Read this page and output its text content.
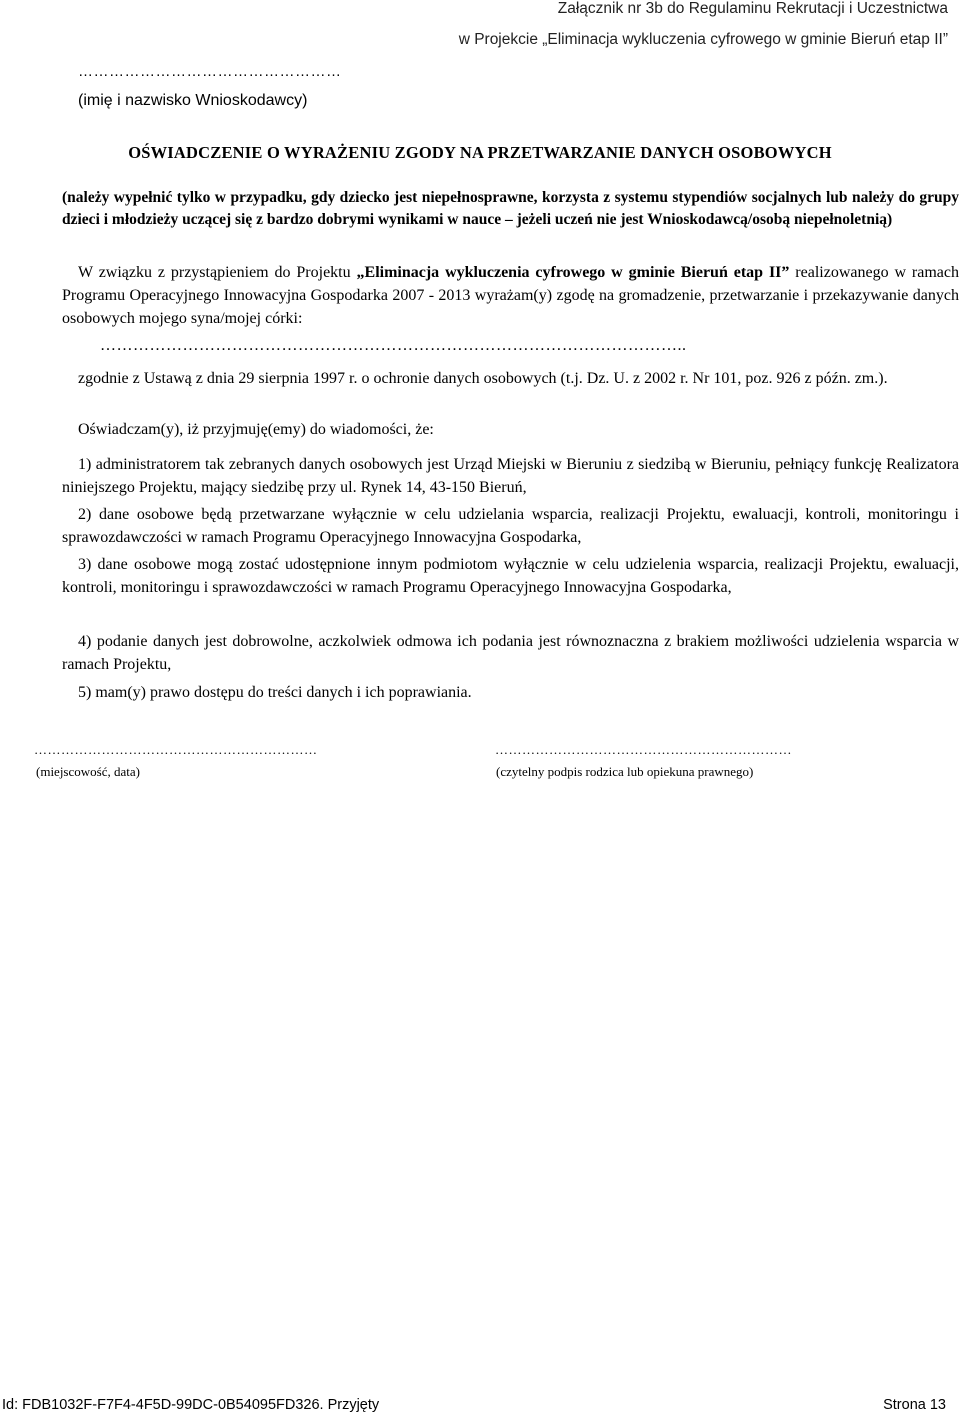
Załącznik nr 3b do Regulaminu Rekrutacji i Uczestnictwa

w Projekcie „Eliminacja wykluczenia cyfrowego w gminie Bieruń etap II”

……………………………………………

(imię i nazwisko Wnioskodawcy)

OŚWIADCZENIE O WYRAŻENIU ZGODY NA PRZETWARZANIE DANYCH OSOBOWYCH

(należy wypełnić tylko w przypadku, gdy dziecko jest niepełnosprawne, korzysta z systemu stypendiów socjalnych lub należy do grupy dzieci i młodzieży uczącej się z bardzo dobrymi wynikami w nauce – jeżeli uczeń nie jest Wnioskodawcą/osobą niepełnoletnią)

W związku z przystąpieniem do Projektu „Eliminacja wykluczenia cyfrowego w gminie Bieruń etap II” realizowanego w ramach Programu Operacyjnego Innowacyjna Gospodarka 2007 - 2013 wyrażam(y) zgodę na gromadzenie, przetwarzanie i przekazywanie danych osobowych mojego syna/mojej córki:

……………………………………………………………………………………………..

zgodnie z Ustawą z dnia 29 sierpnia 1997 r. o ochronie danych osobowych (t.j. Dz. U. z 2002 r. Nr 101, poz. 926 z późn. zm.).

Oświadczam(y), iż przyjmuję(emy) do wiadomości, że:

1) administratorem tak zebranych danych osobowych jest Urząd Miejski w Bieruniu z siedzibą w Bieruniu, pełniący funkcję Realizatora niniejszego Projektu, mający siedzibę przy ul. Rynek 14, 43-150 Bieruń,

2) dane osobowe będą przetwarzane wyłącznie w celu udzielania wsparcia, realizacji Projektu, ewaluacji, kontroli, monitoringu i sprawozdawczości w ramach Programu Operacyjnego Innowacyjna Gospodarka,

3) dane osobowe mogą zostać udostępnione innym podmiotom wyłącznie w celu udzielenia wsparcia, realizacji Projektu, ewaluacji, kontroli, monitoringu i sprawozdawczości w ramach Programu Operacyjnego Innowacyjna Gospodarka,

4) podanie danych jest dobrowolne, aczkolwiek odmowa ich podania jest równoznaczna z brakiem możliwości udzielenia wsparcia w ramach Projektu,

5) mam(y) prawo dostępu do treści danych i ich poprawiania.

………………………………………………………

(miejscowość, data)

…………………………………………………………

(czytelny podpis rodzica lub opiekuna prawnego)

Id: FDB1032F-F7F4-4F5D-99DC-0B54095FD326. Przyjęty	Strona 13
